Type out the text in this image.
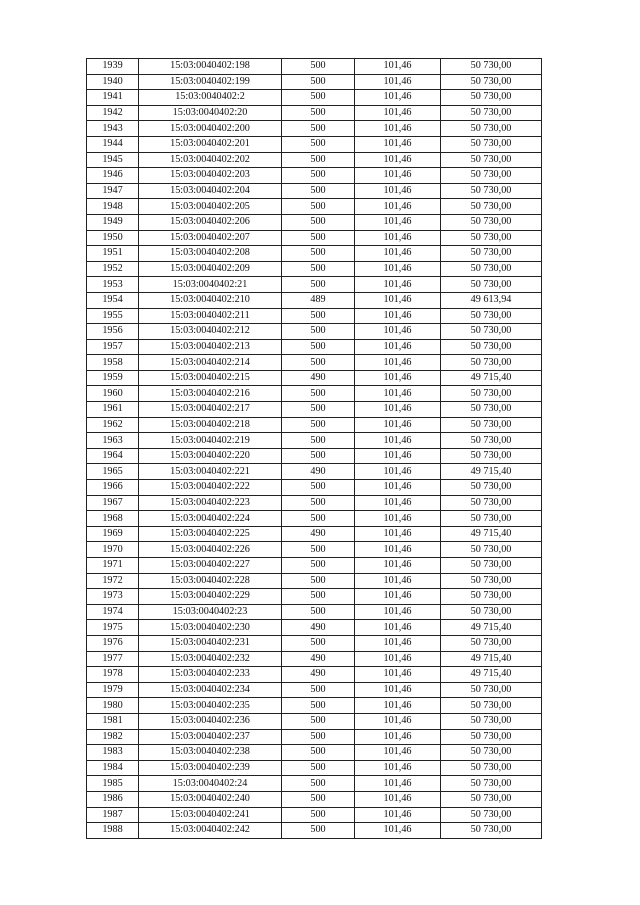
1939	15:03:0040402:198	500	101,46	50 730,00
1940	15:03:0040402:199	500	101,46	50 730,00
1941	15:03:0040402:2	500	101,46	50 730,00
1942	15:03:0040402:20	500	101,46	50 730,00
1943	15:03:0040402:200	500	101,46	50 730,00
1944	15:03:0040402:201	500	101,46	50 730,00
1945	15:03:0040402:202	500	101,46	50 730,00
1946	15:03:0040402:203	500	101,46	50 730,00
1947	15:03:0040402:204	500	101,46	50 730,00
1948	15:03:0040402:205	500	101,46	50 730,00
1949	15:03:0040402:206	500	101,46	50 730,00
1950	15:03:0040402:207	500	101,46	50 730,00
1951	15:03:0040402:208	500	101,46	50 730,00
1952	15:03:0040402:209	500	101,46	50 730,00
1953	15:03:0040402:21	500	101,46	50 730,00
1954	15:03:0040402:210	489	101,46	49 613,94
1955	15:03:0040402:211	500	101,46	50 730,00
1956	15:03:0040402:212	500	101,46	50 730,00
1957	15:03:0040402:213	500	101,46	50 730,00
1958	15:03:0040402:214	500	101,46	50 730,00
1959	15:03:0040402:215	490	101,46	49 715,40
1960	15:03:0040402:216	500	101,46	50 730,00
1961	15:03:0040402:217	500	101,46	50 730,00
1962	15:03:0040402:218	500	101,46	50 730,00
1963	15:03:0040402:219	500	101,46	50 730,00
1964	15:03:0040402:220	500	101,46	50 730,00
1965	15:03:0040402:221	490	101,46	49 715,40
1966	15:03:0040402:222	500	101,46	50 730,00
1967	15:03:0040402:223	500	101,46	50 730,00
1968	15:03:0040402:224	500	101,46	50 730,00
1969	15:03:0040402:225	490	101,46	49 715,40
1970	15:03:0040402:226	500	101,46	50 730,00
1971	15:03:0040402:227	500	101,46	50 730,00
1972	15:03:0040402:228	500	101,46	50 730,00
1973	15:03:0040402:229	500	101,46	50 730,00
1974	15:03:0040402:23	500	101,46	50 730,00
1975	15:03:0040402:230	490	101,46	49 715,40
1976	15:03:0040402:231	500	101,46	50 730,00
1977	15:03:0040402:232	490	101,46	49 715,40
1978	15:03:0040402:233	490	101,46	49 715,40
1979	15:03:0040402:234	500	101,46	50 730,00
1980	15:03:0040402:235	500	101,46	50 730,00
1981	15:03:0040402:236	500	101,46	50 730,00
1982	15:03:0040402:237	500	101,46	50 730,00
1983	15:03:0040402:238	500	101,46	50 730,00
1984	15:03:0040402:239	500	101,46	50 730,00
1985	15:03:0040402:24	500	101,46	50 730,00
1986	15:03:0040402:240	500	101,46	50 730,00
1987	15:03:0040402:241	500	101,46	50 730,00
1988	15:03:0040402:242	500	101,46	50 730,00
